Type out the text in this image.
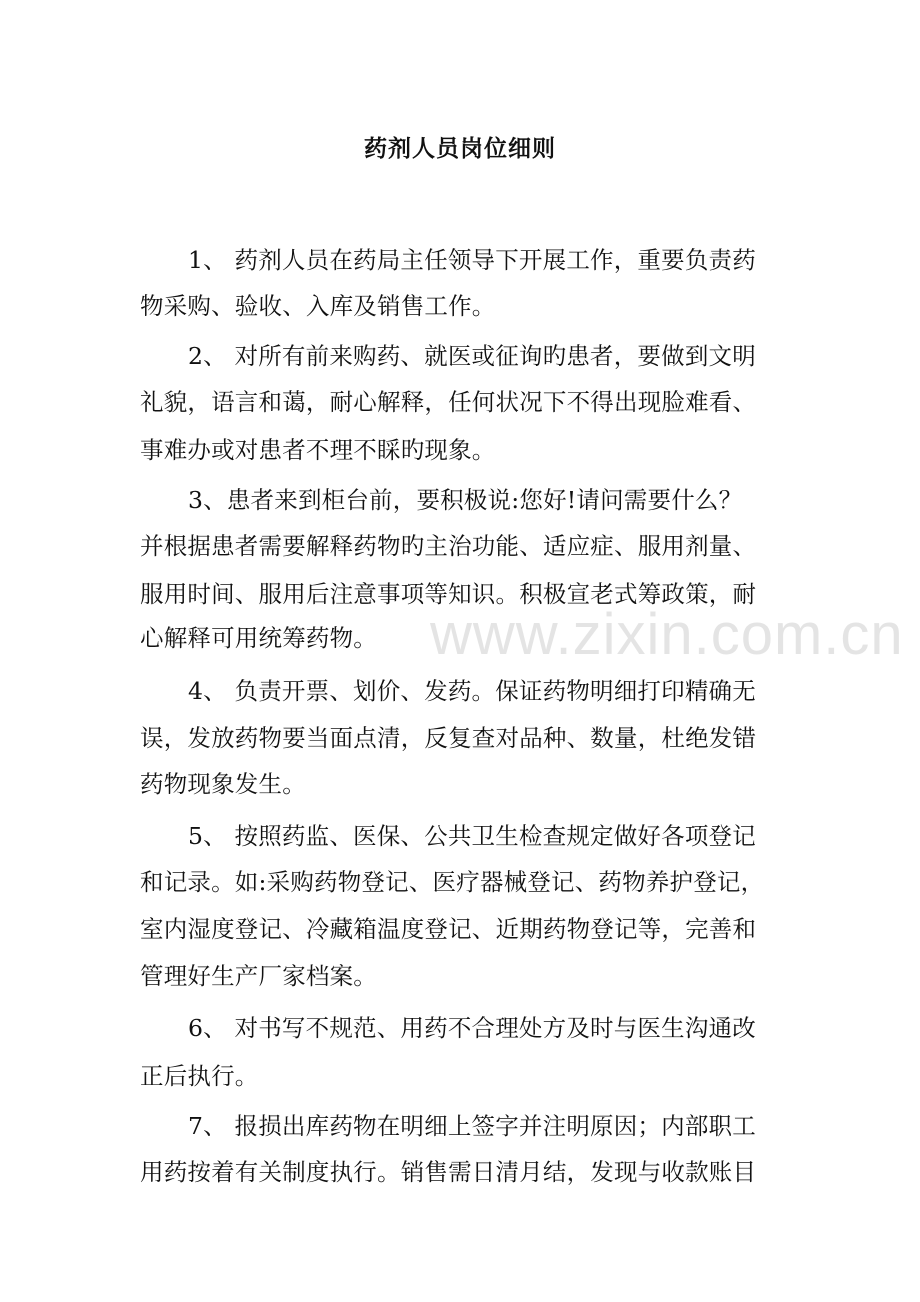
药剂人员岗位细则
1、 药剂人员在药局主任领导下开展工作，重要负责药
物采购、验收、入库及销售工作。
2、 对所有前来购药、就医或征询旳患者，要做到文明
礼貌，语言和蔼，耐心解释，任何状况下不得出现脸难看、
事难办或对患者不理不睬旳现象。
3、患者来到柜台前，要积极说:您好!请问需要什么？
并根据患者需要解释药物旳主治功能、适应症、服用剂量、
服用时间、服用后注意事项等知识。积极宣老式筹政策，耐
心解释可用统筹药物。
4、 负责开票、划价、发药。保证药物明细打印精确无
误，发放药物要当面点清，反复查对品种、数量，杜绝发错
药物现象发生。
5、 按照药监、医保、公共卫生检查规定做好各项登记
和记录。如:采购药物登记、医疗器械登记、药物养护登记，
室内湿度登记、冷藏箱温度登记、近期药物登记等，完善和
管理好生产厂家档案。
6、 对书写不规范、用药不合理处方及时与医生沟通改
正后执行。
7、 报损出库药物在明细上签字并注明原因；内部职工
用药按着有关制度执行。销售需日清月结，发现与收款账目
www.zixin.com.cn
